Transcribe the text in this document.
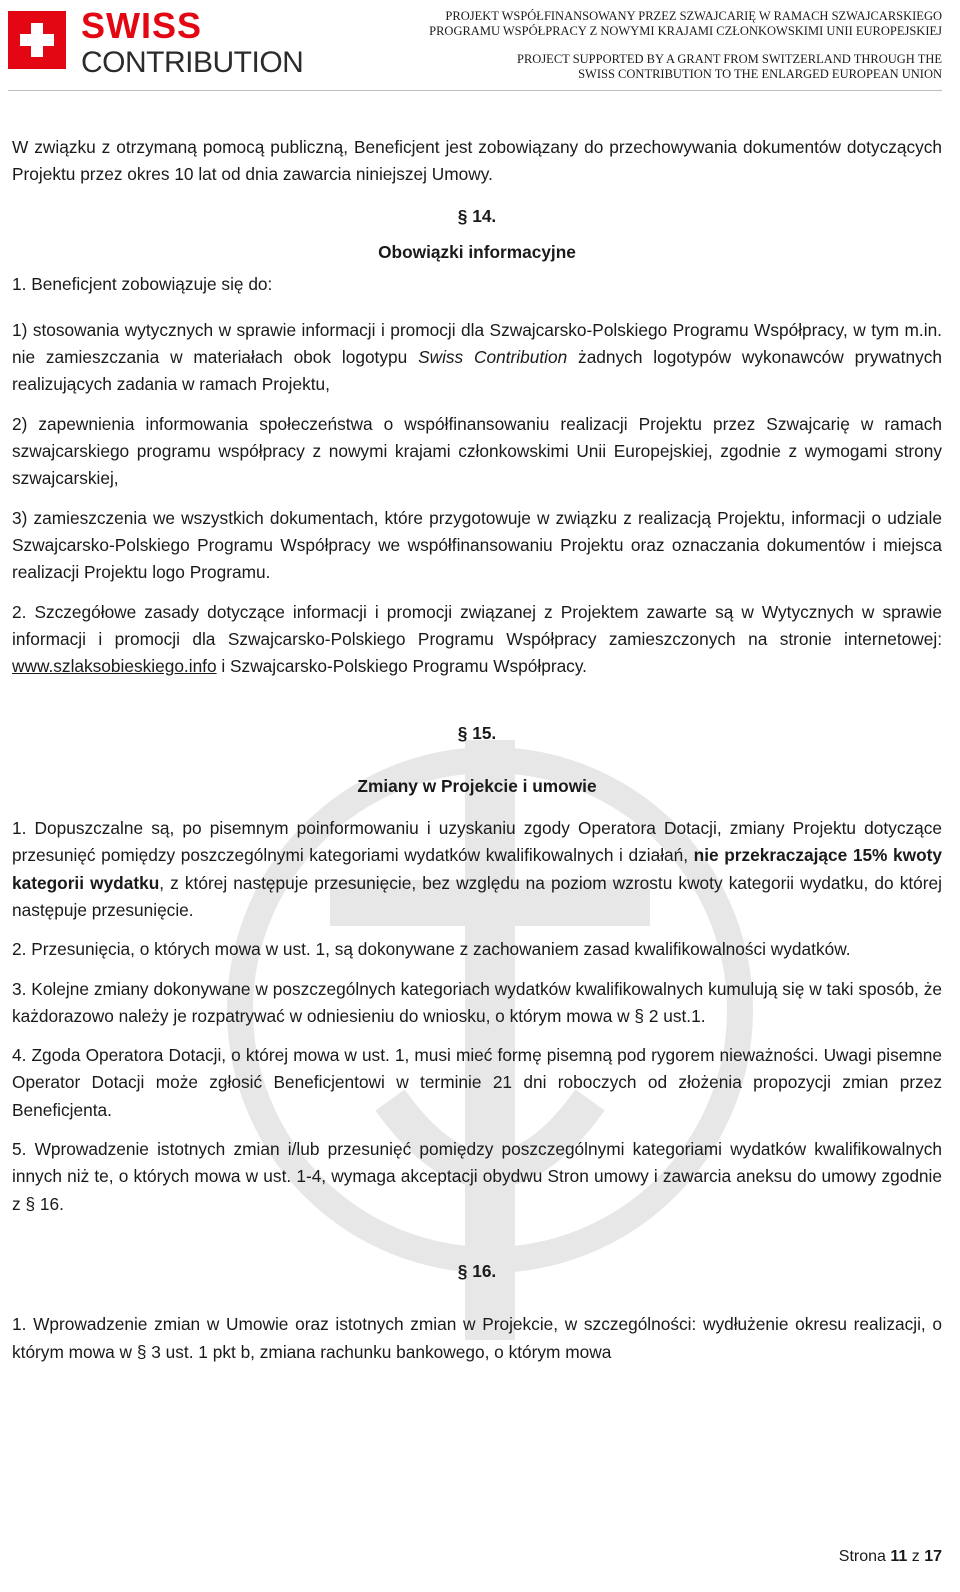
SWISS
CONTRIBUTION
PROJEKT WSPÓŁFINANSOWANY PRZEZ SZWAJCARIĘ W RAMACH SZWAJCARSKIEGO
PROGRAMU WSPÓŁPRACY Z NOWYMI KRAJAMI CZŁONKOWSKIMI UNII EUROPEJSKIEJ
PROJECT SUPPORTED BY A GRANT FROM SWITZERLAND THROUGH THE
SWISS CONTRIBUTION TO THE ENLARGED EUROPEAN UNION

W związku z otrzymaną pomocą publiczną, Beneficjent jest zobowiązany do przechowywania dokumentów dotyczących Projektu przez okres 10 lat od dnia zawarcia niniejszej Umowy.

§ 14.
Obowiązki informacyjne

1. Beneficjent zobowiązuje się do:

1) stosowania wytycznych w sprawie informacji i promocji dla Szwajcarsko-Polskiego Programu Współpracy, w tym m.in. nie zamieszczania w materiałach obok logotypu Swiss Contribution żadnych logotypów wykonawców prywatnych realizujących zadania w ramach Projektu,

2) zapewnienia informowania społeczeństwa o współfinansowaniu realizacji Projektu przez Szwajcarię w ramach szwajcarskiego programu współpracy z nowymi krajami członkowskimi Unii Europejskiej, zgodnie z wymogami strony szwajcarskiej,

3) zamieszczenia we wszystkich dokumentach, które przygotowuje w związku z realizacją Projektu, informacji o udziale Szwajcarsko-Polskiego Programu Współpracy we współfinansowaniu Projektu oraz oznaczania dokumentów i miejsca realizacji Projektu logo Programu.

2. Szczegółowe zasady dotyczące informacji i promocji związanej z Projektem zawarte są w Wytycznych w sprawie informacji i promocji dla Szwajcarsko-Polskiego Programu Współpracy zamieszczonych na stronie internetowej: www.szlaksobieskiego.info i Szwajcarsko-Polskiego Programu Współpracy.

§ 15.
Zmiany w Projekcie i umowie

1. Dopuszczalne są, po pisemnym poinformowaniu i uzyskaniu zgody Operatora Dotacji, zmiany Projektu dotyczące przesunięć pomiędzy poszczególnymi kategoriami wydatków kwalifikowalnych i działań, nie przekraczające 15% kwoty kategorii wydatku, z której następuje przesunięcie, bez względu na poziom wzrostu kwoty kategorii wydatku, do której następuje przesunięcie.

2. Przesunięcia, o których mowa w ust. 1, są dokonywane z zachowaniem zasad kwalifikowalności wydatków.

3. Kolejne zmiany dokonywane w poszczególnych kategoriach wydatków kwalifikowalnych kumulują się w taki sposób, że każdorazowo należy je rozpatrywać w odniesieniu do wniosku, o którym mowa w § 2 ust.1.

4. Zgoda Operatora Dotacji, o której mowa w ust. 1, musi mieć formę pisemną pod rygorem nieważności. Uwagi pisemne Operator Dotacji może zgłosić Beneficjentowi w terminie 21 dni roboczych od złożenia propozycji zmian przez Beneficjenta.

5. Wprowadzenie istotnych zmian i/lub przesunięć pomiędzy poszczególnymi kategoriami wydatków kwalifikowalnych innych niż te, o których mowa w ust. 1-4, wymaga akceptacji obydwu Stron umowy i zawarcia aneksu do umowy zgodnie z § 16.

§ 16.

1. Wprowadzenie zmian w Umowie oraz istotnych zmian w Projekcie, w szczególności: wydłużenie okresu realizacji, o którym mowa w § 3 ust. 1 pkt b, zmiana rachunku bankowego, o którym mowa

Strona 11 z 17
